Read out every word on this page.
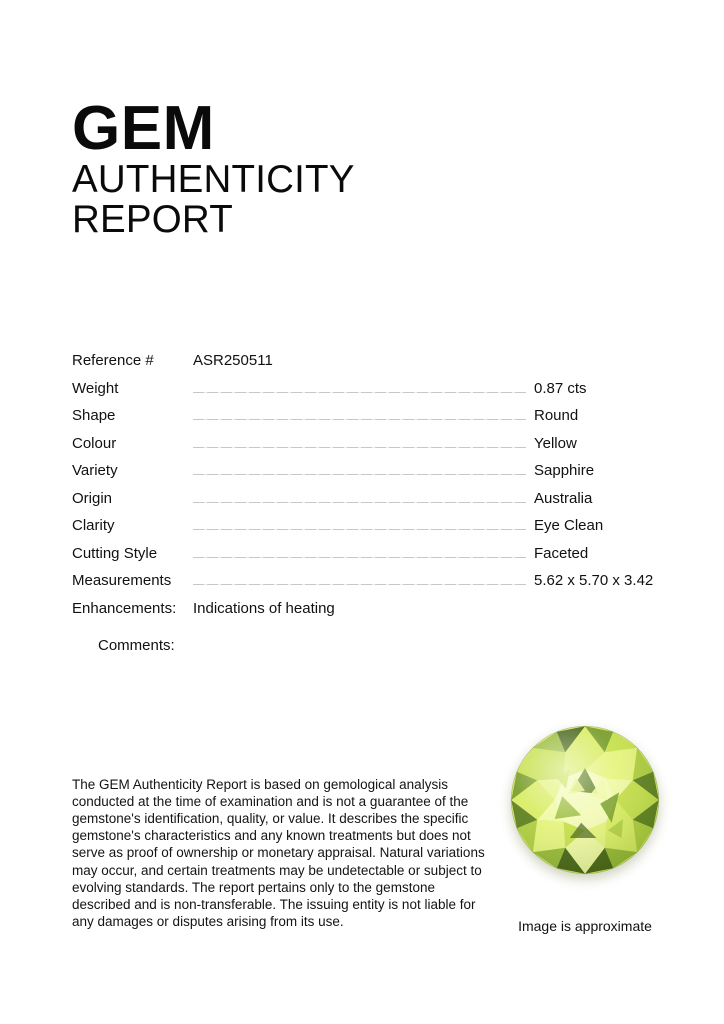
GEM
AUTHENTICITY REPORT
Reference #	ASR250511
Weight	0.87 cts
Shape	Round
Colour	Yellow
Variety	Sapphire
Origin	Australia
Clarity	Eye Clean
Cutting Style	Faceted
Measurements	5.62 x 5.70 x 3.42
Enhancements:	Indications of heating
Comments:

The GEM Authenticity Report is based on gemological analysis conducted at the time of examination and is not a guarantee of the gemstone's identification, quality, or value. It describes the specific gemstone's characteristics and any known treatments but does not serve as proof of ownership or monetary appraisal. Natural variations may occur, and certain treatments may be undetectable or subject to evolving standards. The report pertains only to the gemstone described and is non-transferable. The issuing entity is not liable for any damages or disputes arising from its use.	Image is approximate
